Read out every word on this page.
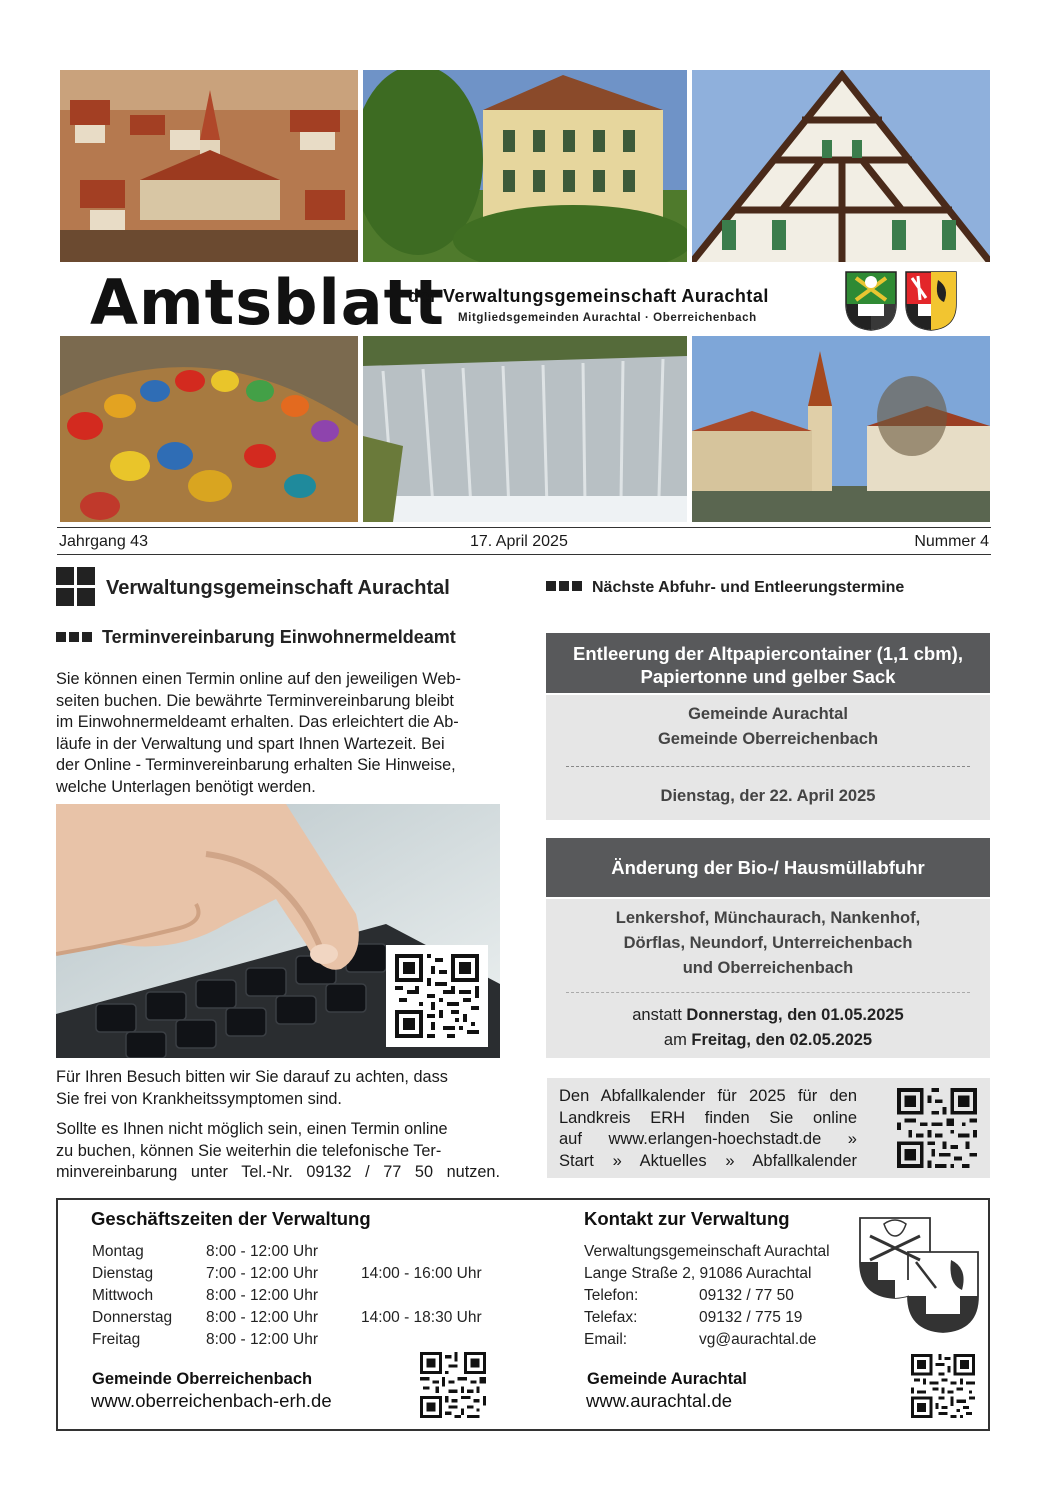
Amtsblatt
der Verwaltungsgemeinschaft Aurachtal
Mitgliedsgemeinden Aurachtal · Oberreichenbach
Jahrgang 43	17. April 2025	Nummer 4
Verwaltungsgemeinschaft Aurachtal
Terminvereinbarung Einwohnermeldeamt
Sie können einen Termin online auf den jeweiligen Web-
seiten buchen. Die bewährte Terminvereinbarung bleibt
im Einwohnermeldeamt erhalten. Das erleichtert die Ab-
läufe in der Verwaltung und spart Ihnen Wartezeit. Bei
der Online - Terminvereinbarung erhalten Sie Hinweise,
welche Unterlagen benötigt werden.
Für Ihren Besuch bitten wir Sie darauf zu achten, dass
Sie frei von Krankheitssymptomen sind.
Sollte es Ihnen nicht möglich sein, einen Termin online
zu buchen, können Sie weiterhin die telefonische Ter-
minvereinbarung unter Tel.-Nr. 09132 / 77 50 nutzen.
Nächste Abfuhr- und Entleerungstermine
Entleerung der Altpapiercontainer (1,1 cbm),
Papiertonne und gelber Sack
Gemeinde Aurachtal
Gemeinde Oberreichenbach
Dienstag, der 22. April 2025
Änderung der Bio-/ Hausmüllabfuhr
Lenkershof, Münchaurach, Nankenhof,
Dörflas, Neundorf, Unterreichenbach
und Oberreichenbach
anstatt Donnerstag, den 01.05.2025
am Freitag, den 02.05.2025
Den Abfallkalender für 2025 für den
Landkreis ERH finden Sie online
auf www.erlangen-hoechstadt.de »
Start » Aktuelles » Abfallkalender
Geschäftszeiten der Verwaltung
Montag	8:00 - 12:00 Uhr
Dienstag	7:00 - 12:00 Uhr	14:00 - 16:00 Uhr
Mittwoch	8:00 - 12:00 Uhr
Donnerstag 8:00 - 12:00 Uhr	14:00 - 18:30 Uhr
Freitag	8:00 - 12:00 Uhr
Gemeinde Oberreichenbach
www.oberreichenbach-erh.de
Kontakt zur Verwaltung
Verwaltungsgemeinschaft Aurachtal
Lange Straße 2, 91086 Aurachtal
Telefon:	09132 / 77 50
Telefax:	09132 / 775 19
Email:	vg@aurachtal.de
Gemeinde Aurachtal
www.aurachtal.de
